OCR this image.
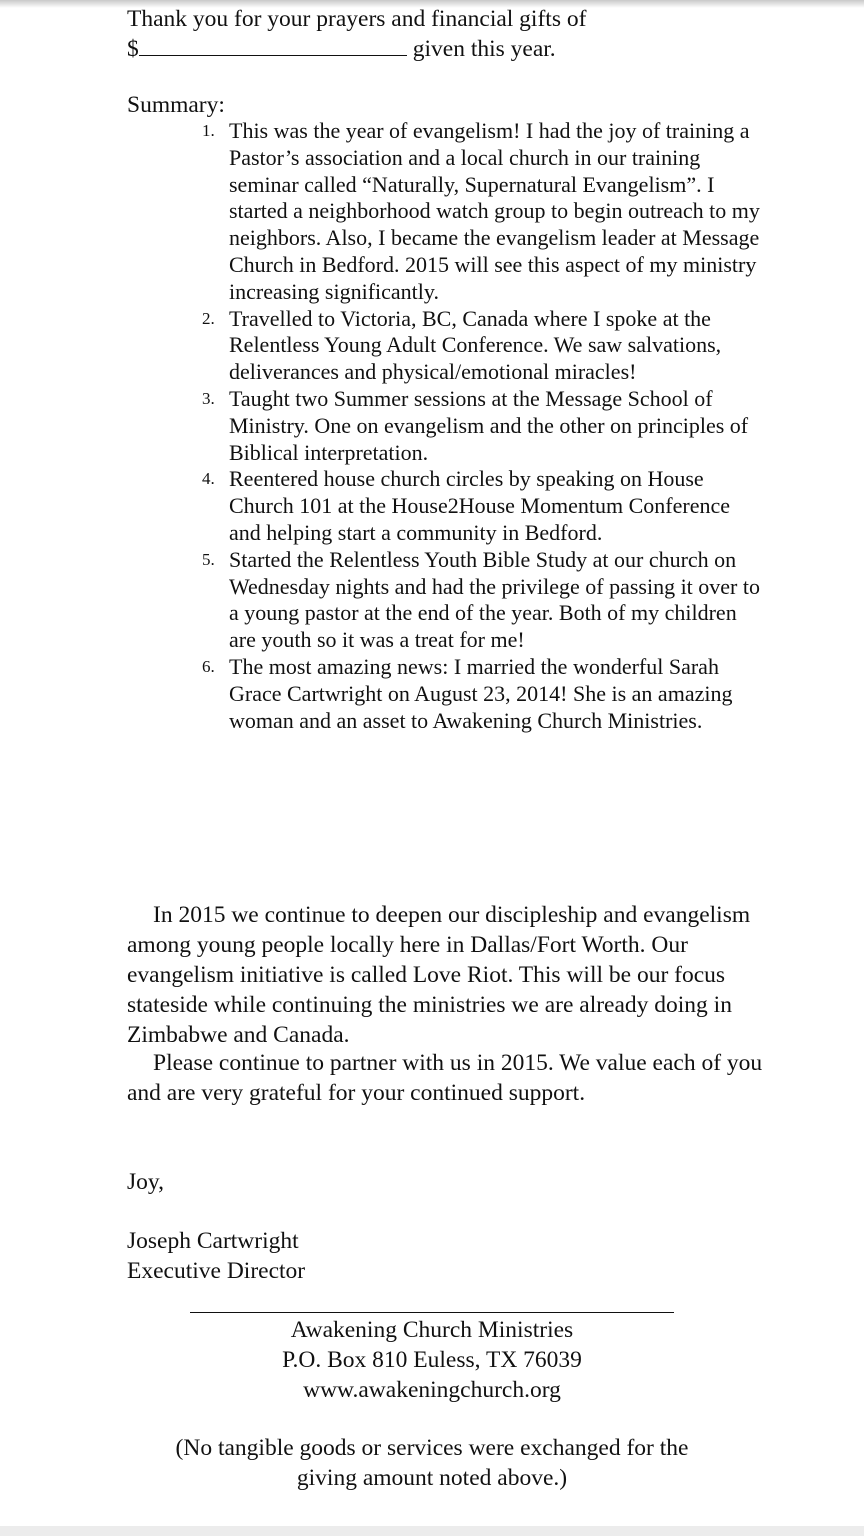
Thank you for your prayers and financial gifts of
$	given this year.
Summary:
1. This was the year of evangelism! I had the joy of training a Pastor’s association and a local church in our training seminar called “Naturally, Supernatural Evangelism”. I started a neighborhood watch group to begin outreach to my neighbors. Also, I became the evangelism leader at Message Church in Bedford. 2015 will see this aspect of my ministry increasing significantly.
2. Travelled to Victoria, BC, Canada where I spoke at the Relentless Young Adult Conference. We saw salvations, deliverances and physical/emotional miracles!
3. Taught two Summer sessions at the Message School of Ministry. One on evangelism and the other on principles of Biblical interpretation.
4. Reentered house church circles by speaking on House Church 101 at the House2House Momentum Conference and helping start a community in Bedford.
5. Started the Relentless Youth Bible Study at our church on Wednesday nights and had the privilege of passing it over to a young pastor at the end of the year. Both of my children are youth so it was a treat for me!
6. The most amazing news: I married the wonderful Sarah Grace Cartwright on August 23, 2014! She is an amazing woman and an asset to Awakening Church Ministries.
In 2015 we continue to deepen our discipleship and evangelism among young people locally here in Dallas/Fort Worth. Our evangelism initiative is called Love Riot. This will be our focus stateside while continuing the ministries we are already doing in Zimbabwe and Canada.
Please continue to partner with us in 2015. We value each of you and are very grateful for your continued support.
Joy,
Joseph Cartwright
Executive Director
Awakening Church Ministries
P.O. Box 810 Euless, TX 76039
www.awakeningchurch.org
(No tangible goods or services were exchanged for the
giving amount noted above.)
